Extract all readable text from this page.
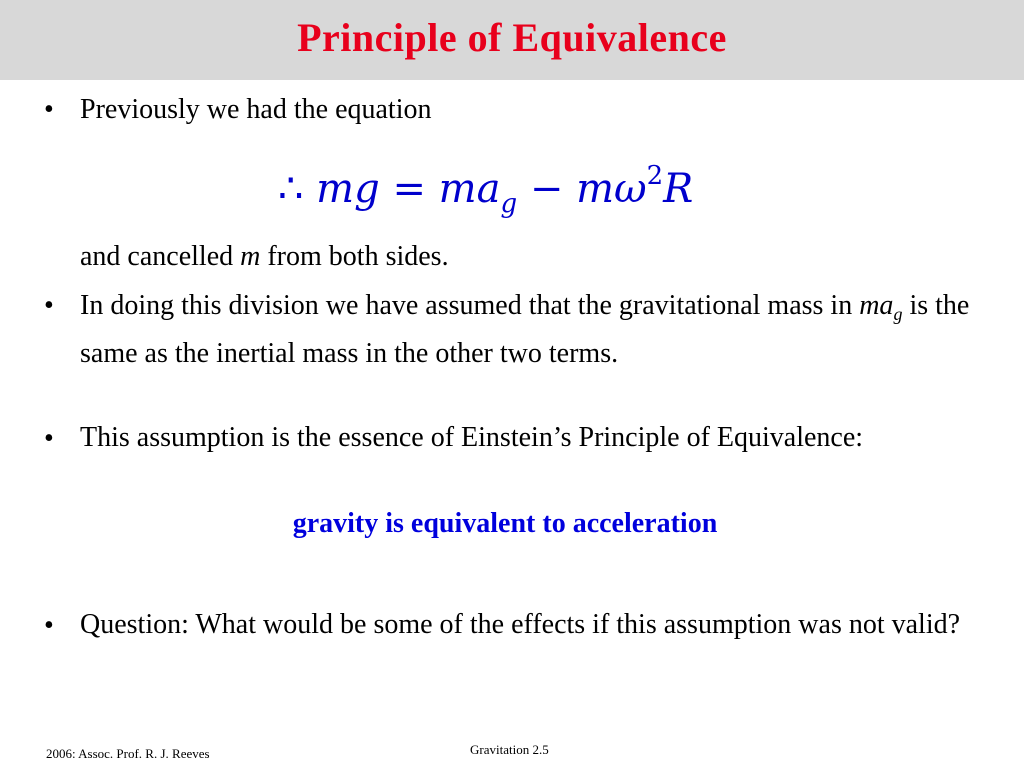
Principle of Equivalence
• Previously we had the equation
∴ mg = $ma_g - m\omega^2R$
and cancelled m from both sides.
• In doing this division we have assumed that the gravitational mass in $ma_g$ is the same as the inertial mass in the other two terms.
• This assumption is the essence of Einstein’s Principle of Equivalence:
gravity is equivalent to acceleration
• Question: What would be some of the effects if this assumption was not valid?
2006: Assoc. Prof. R. J. Reeves	Gravitation 2.5
